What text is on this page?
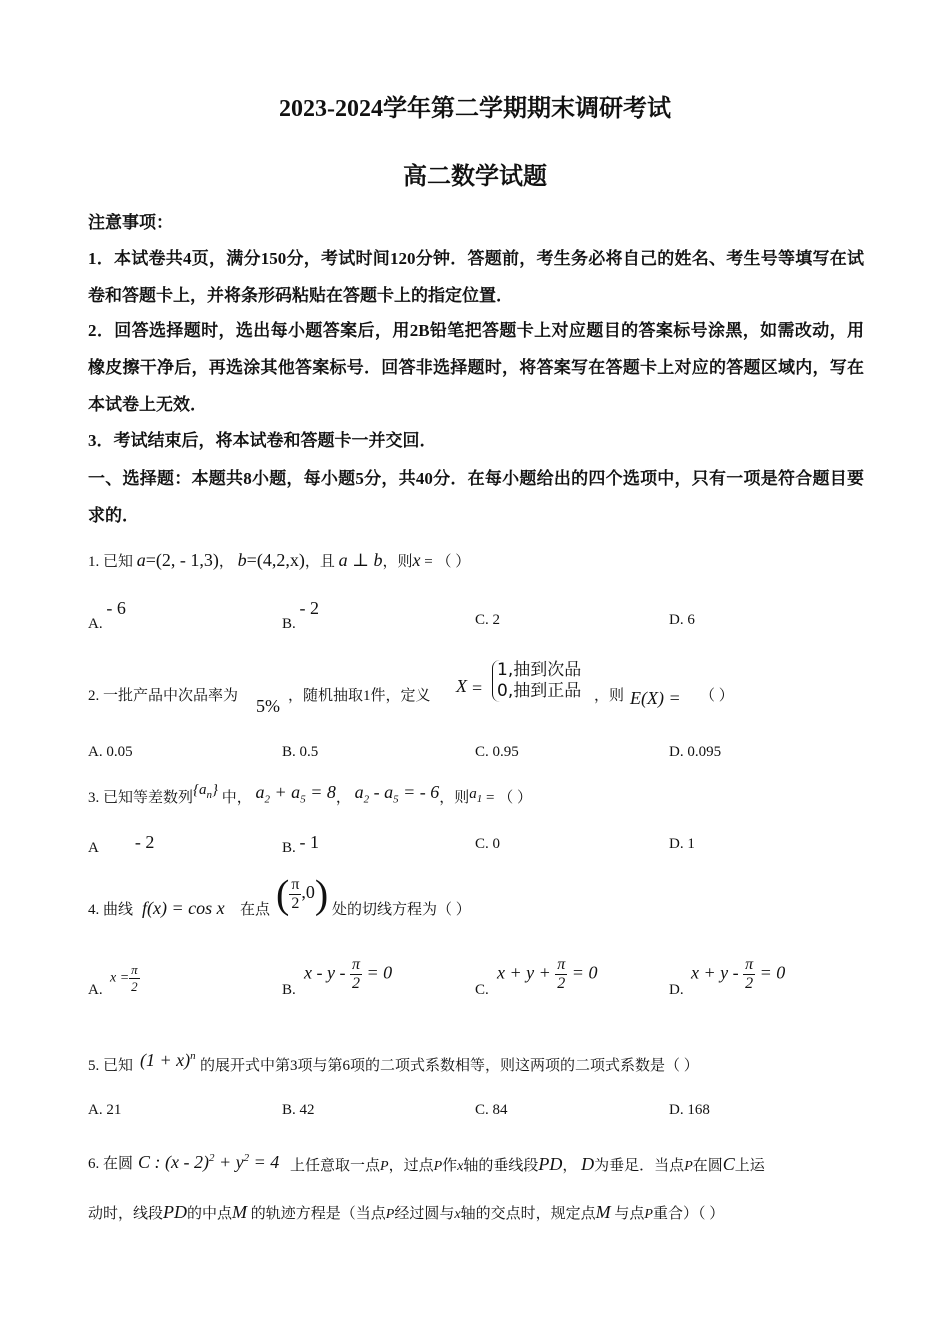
2023-2024学年第二学期期末调研考试
高二数学试题
注意事项：
1．本试卷共4页，满分150分，考试时间120分钟．答题前，考生务必将自己的姓名、考生号等填写在试卷和答题卡上，并将条形码粘贴在答题卡上的指定位置．
2．回答选择题时，选出每小题答案后，用2B铅笔把答题卡上对应题目的答案标号涂黑，如需改动，用橡皮擦干净后，再选涂其他答案标号．回答非选择题时，将答案写在答题卡上对应的答题区域内，写在本试卷上无效．
3．考试结束后，将本试卷和答题卡一并交回．
一、选择题：本题共8小题，每小题5分，共40分．在每小题给出的四个选项中，只有一项是符合题目要求的．
1. 已知 a=(2, - 1,3)， b=(4,2,x)，且 a ⊥ b，则x = （ ）
A. - 6
B. - 2
C. 2	D. 6
2. 一批产品中次品率为 5% ，随机抽取1件，定义 X =
1,抽到次品
0,抽到正品 ，则 E(X) = （ ）
A. 0.05	B. 0.5	C. 0.95	D. 0.095
3. 已知等差数列$\{a_n\}$ 中， $a_2 + a_5 = 8$， $a_2 - a_5$ = - 6，则$a_1$ = （ ）
A - 2	B. - 1	C. 0	D. 1
4. 曲线 f(x) = cos x 在点 ( $\frac{\pi}{2} ,0$) 处的切线方程为（ ）
A.
$x = \frac{\pi}{2}$	B.
$x - y - \frac{\pi}{2} = 0$
C.
$x + y + \frac{\pi}{2} = 0$
D.
$x + y - \frac{\pi}{2} = 0$
5. 已知 $(1 + x)^n$
的展开式中第3项与第6项的二项式系数相等，则这两项的二项式系数是（ ）
A. 21	B. 42	C. 84	D. 168
6. 在圆 C : $(x - 2)^2 + y^2 = 4$ 上任意取一点P，过点P作x轴的垂线段PD， D为垂足．当点P在圆C上运
动时，线段PD的中点M 的轨迹方程是（当点P经过圆与x轴的交点时，规定点M 与点P重合）（ ）
